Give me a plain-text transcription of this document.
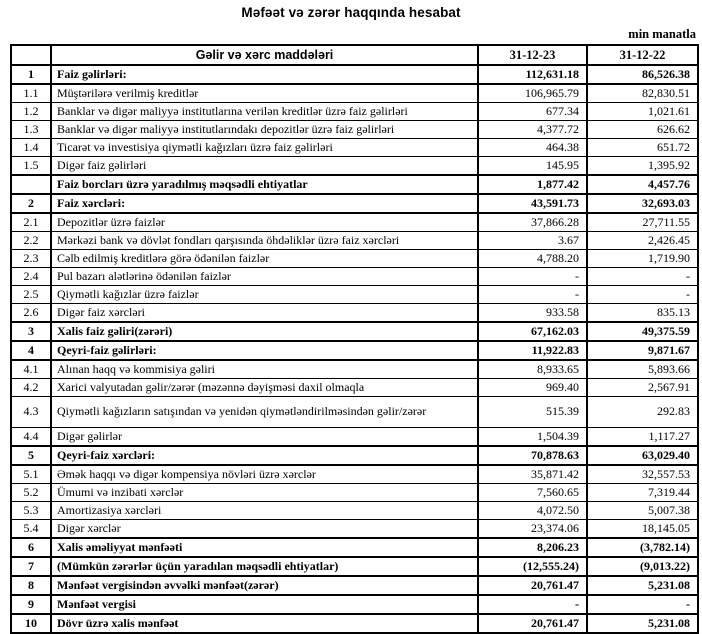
Məfəət və zərər haqqında hesabat
min manatla
	Gəlir və xərc maddələri	31-12-23	31-12-22
1	Faiz gəlirləri:	112,631.18	86,526.38
1.1	Müştərilərə verilmiş kreditlər	106,965.79	82,830.51
1.2	Banklar və digər maliyyə institutlarına verilən kreditlər üzrə faiz gəlirləri	677.34	1,021.61
1.3	Banklar və digər maliyyə institutlarındakı depozitlər üzrə faiz gəlirləri	4,377.72	626.62
1.4	Ticarət və investisiya qiymətli kağızları üzrə faiz gəlirləri	464.38	651.72
1.5	Digər faiz gəlirləri	145.95	1,395.92
	Faiz borcları üzrə yaradılmış məqsədli ehtiyatlar	1,877.42	4,457.76
2	Faiz xərcləri:	43,591.73	32,693.03
2.1	Depozitlər üzrə faizlər	37,866.28	27,711.55
2.2	Mərkəzi bank və dövlət fondları qarşısında öhdəliklər üzrə faiz xərcləri	3.67	2,426.45
2.3	Cəlb edilmiş kreditlərə görə ödənilən faizlər	4,788.20	1,719.90
2.4	Pul bazarı alətlərinə ödənilən faizlər	-	-
2.5	Qiymətli kağızlar üzrə faizlər	-	-
2.6	Digər faiz xərcləri	933.58	835.13
3	Xalis faiz gəliri(zərəri)	67,162.03	49,375.59
4	Qeyri-faiz gəlirləri:	11,922.83	9,871.67
4.1	Alınan haqq və kommisiya gəliri	8,933.65	5,893.66
4.2	Xarici valyutadan gəlir/zərər (məzənnə dəyişməsi daxil olmaqla	969.40	2,567.91
4.3	Qiymətli kağızların satışından və yenidən qiymətləndirilməsindən gəlir/zərər	515.39	292.83
4.4	Digər gəlirlər	1,504.39	1,117.27
5	Qeyri-faiz xərcləri:	70,878.63	63,029.40
5.1	Əmək haqqı və digər kompensiya növləri üzrə xərclər	35,871.42	32,557.53
5.2	Ümumi və inzibati xərclər	7,560.65	7,319.44
5.3	Amortizasiya xərcləri	4,072.50	5,007.38
5.4	Digər xərclər	23,374.06	18,145.05
6	Xalis əməliyyat mənfəəti	8,206.23	(3,782.14)
7	(Mümkün zərərlər üçün yaradılan məqsədli ehtiyatlar)	(12,555.24)	(9,013.22)
8	Mənfəət vergisindən əvvəlki mənfəət(zərər)	20,761.47	5,231.08
9	Mənfəət vergisi	-	-
10	Dövr üzrə xalis mənfəət	20,761.47	5,231.08
